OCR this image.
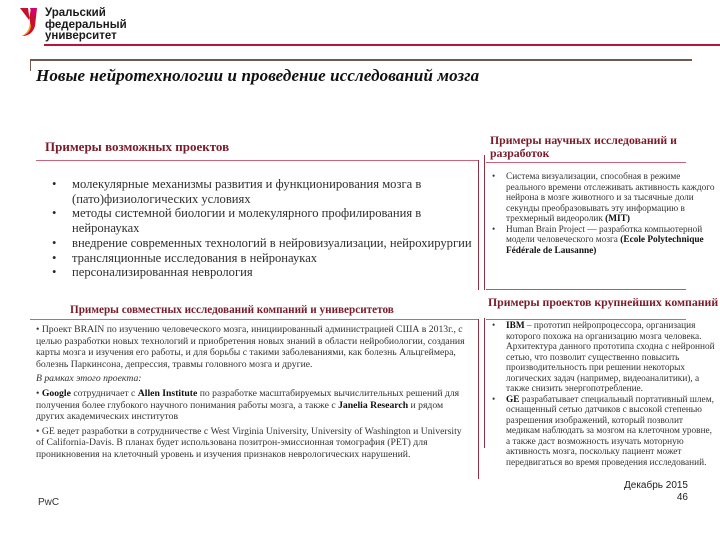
Уральский
федеральный
университет
Новые нейротехнологии и проведение исследований мозга
Примеры возможных проектов
• молекулярные механизмы развития и функционирования мозга в (пато)физиологических условиях
• методы системной биологии и молекулярного профилирования в нейронауках
• внедрение современных технологий в нейровизуализации, нейрохирургии
• трансляционные исследования в нейронауках
• персонализированная неврология
Примеры совместных исследований компаний и университетов

• Проект BRAIN по изучению человеческого мозга, инициированный администрацией США в 2013г., с целью разработки новых технологий и приобретения новых знаний в области нейробиологии, создания карты мозга и изучения его работы, и для борьбы с такими заболеваниями, как болезнь Альцгеймера, болезнь Паркинсона, депрессия, травмы головного мозга и другие.

В рамках этого проекта:

• Google сотрудничает с Allen Institute по разработке масштабируемых вычислительных решений для получения более глубокого научного понимания работы мозга, а также с Janelia Research и рядом других академических институтов

• GE ведет разработки в сотрудничестве с West Virginia University, University of Washington и University of California-Davis. В планах будет использована позитрон-эмиссионная томография (PET) для проникновения на клеточный уровень и изучения признаков неврологических нарушений.

Примеры научных исследований и разработок
• Система визуализации, способная в режиме реального времени отслеживать активность каждого нейрона в мозге животного и за тысячные доли секунды преобразовывать эту информацию в трехмерный видеоролик (MIT)
• Human Brain Project — разработка компьютерной модели человеческого мозга (Ecole Polytechnique Fédérale de Lausanne)
Примеры проектов крупнейших компаний
• IBM – прототип нейропроцессора, организация которого похожа на организацию мозга человека. Архитектура данного прототипа сходна с нейронной сетью, что позволит существенно повысить производительность при решении некоторых логических задач (например, видеоаналитики), а также снизить энергопотребление.
• GE разрабатывает специальный портативный шлем, оснащенный сетью датчиков с высокой степенью разрешения изображений, который позволит медикам наблюдать за мозгом на клеточном уровне, а также даст возможность изучать моторную активность мозга, поскольку пациент может передвигаться во время проведения исследований.
PwC
Декабрь 2015
46
